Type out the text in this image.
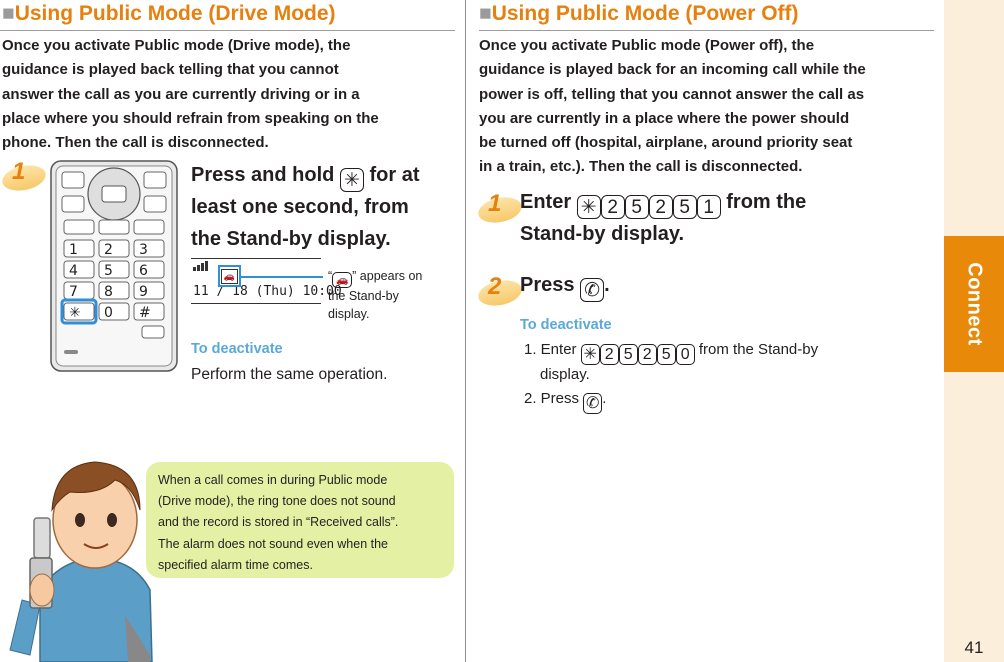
Connect
41
■Using Public Mode (Drive Mode)
Once you activate Public mode (Drive mode), the
guidance is played back telling that you cannot
answer the call as you are currently driving or in a
place where you should refrain from speaking on the
phone. Then the call is disconnected.
1
1 2 3
4 5 6
7 8 9
✳ 0 #
Press and hold ✳ for at
least one second, from
the Stand-by display.
🚗
11 / 18 (Thu) 10:00
“ 🚗 ” appears on
the Stand-by
display.
To deactivate
Perform the same operation.
When a call comes in during Public mode
(Drive mode), the ring tone does not sound
and the record is stored in “Received calls”.
The alarm does not sound even when the
specified alarm time comes.
■Using Public Mode (Power Off)
Once you activate Public mode (Power off), the
guidance is played back for an incoming call while the
power is off, telling that you cannot answer the call as
you are currently in a place where the power should
be turned off (hospital, airplane, around priority seat
in a train, etc.). Then the call is disconnected.
1 Enter ✳ 2 5 2 5 1 from the
Stand-by display.
2 Press ✆ .
To deactivate
1. Enter ✳ 2 5 2 5 0 from the Stand-by
display.
2. Press ✆ .
